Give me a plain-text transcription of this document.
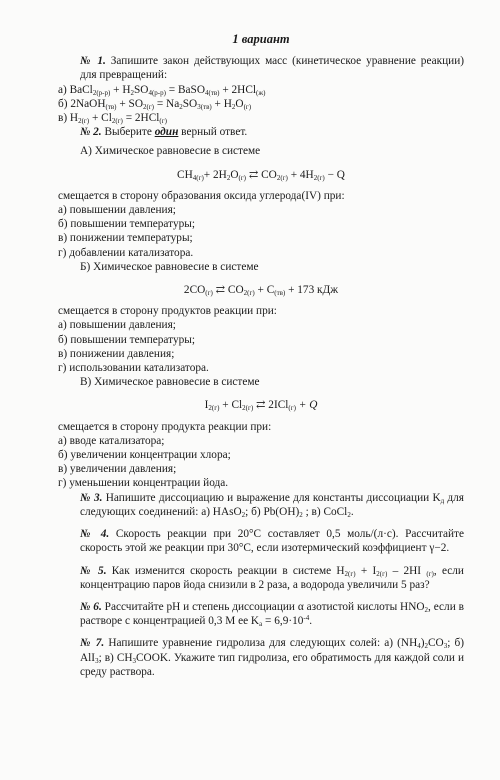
1 вариант

№ 1. Запишите закон действующих масс (кинетическое уравнение реакции) для превращений:

а) BaCl$_{2(р-р)}$ + $H_2SO_{4(р-р)}$ = BaSO$_{4(тв)}$ + 2HCl$_{(ж)}$

б) 2NaOH$_{(тв)}$ + $SO_{2(г)} = Na_2SO_{3(тв)} + H_2O_{(г)}$

в) $H_{2(г)} + Cl_{2(г)} = 2HCl_{(г)}$

№ 2. Выберите один верный ответ.

А) Химическое равновесие в системе

$CH_{4(г)}+ 2H_2O_{(г)}$ ⇄ $CO_{2(г)} + 4H_{2(г)} - Q$

смещается в сторону образования оксида углерода(IV) при:

а) повышении давления;

б) повышении температуры;

в) понижении температуры;

г) добавлении катализатора.

Б) Химическое равновесие в системе

$2CO_{(г)}$ ⇄ $CO_{2(г)} + C_{(тв)} + 173$ кДж

смещается в сторону продуктов реакции при:

а) повышении давления;

б) повышении температуры;

в) понижении давления;

г) использовании катализатора.

В) Химическое равновесие в системе

$I_{2(г)} + Cl_{2(г)}$ ⇄ 2ICl$_{(г)}$ + Q

смещается в сторону продукта реакции при:

а) вводе катализатора;

б) увеличении концентрации хлора;

в) увеличении давления;

г) уменьшении концентрации йода.

№ 3. Напишите диссоциацию и выражение для константы диссоциации $K_д$ для следующих соединений: а) HAsO$_2$; б) $Pb(OH)_2$ ; в) CoCl$_2$.

№ 4. Скорость реакции при 20°С составляет 0,5 моль/(л·с). Рассчитайте скорость этой же реакции при 30°С, если изотермический коэффициент γ−2.

№ 5. Как изменится скорость реакции в системе $H_{2(г)} + I_{2(г)} - 2HI$ $_{(г)}$, если концентрацию паров йода снизили в 2 раза, а водорода увеличили 5 раз?

№ 6. Рассчитайте pH и степень диссоциации α азотистой кислоты $HNO_2$, если в растворе с концентрацией 0,3 М ее $K_а = 6,9\cdot 10^{-4}$.

№ 7. Напишите уравнение гидролиза для следующих солей: а) $(NH_4)_2CO_3$; б) AlI$_3$; в) $CH_3COOK$. Укажите тип гидролиза, его обратимость для каждой соли и среду раствора.
